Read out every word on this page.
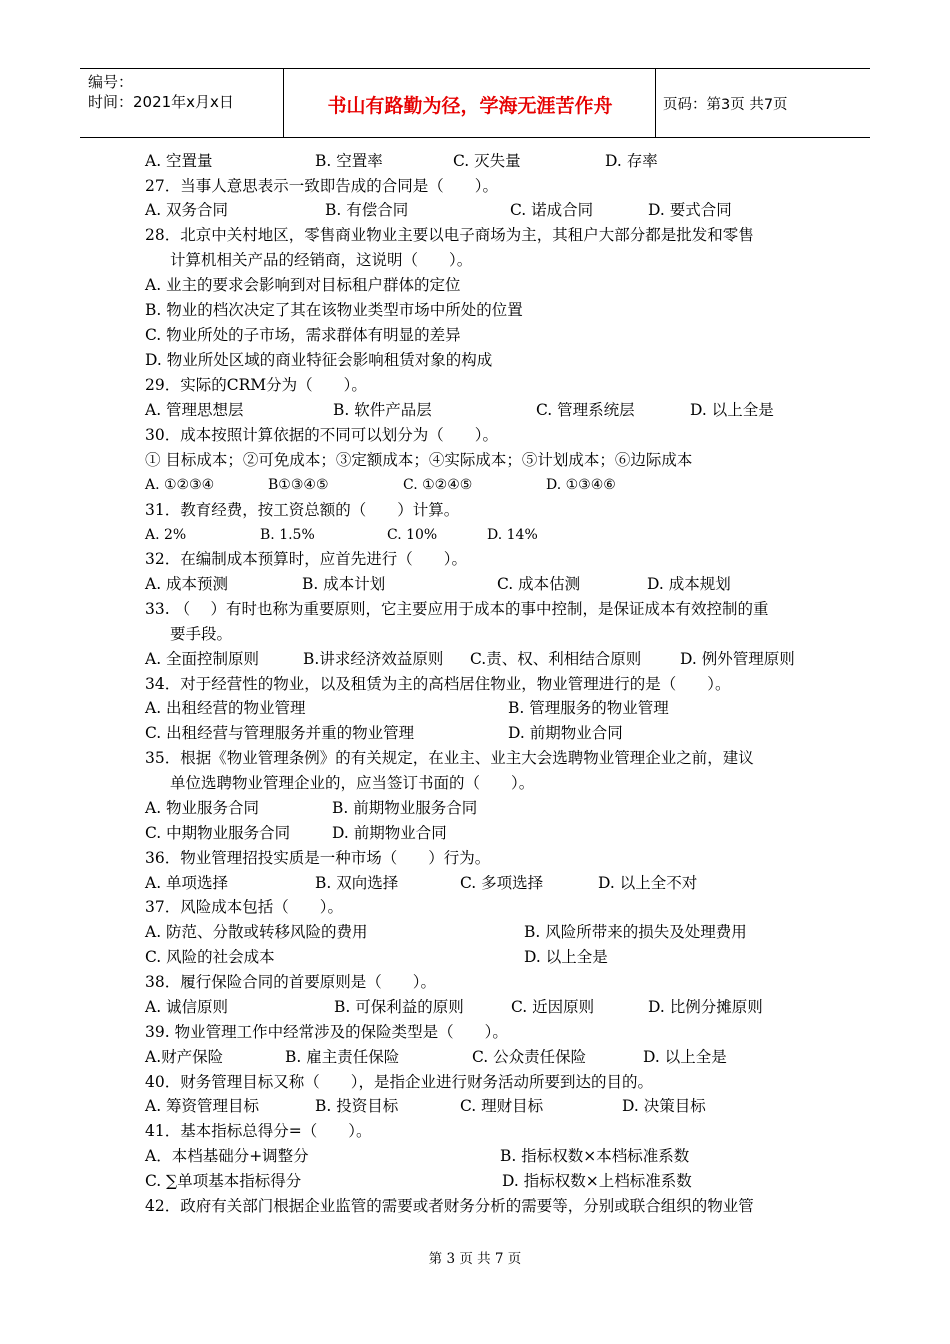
编号：
时间：2021年x月x日	书山有路勤为径，学海无涯苦作舟	页码：第3页 共7页
A. 空置量	B. 空置率	C. 灭失量	D. 存率
27．当事人意思表示一致即告成的合同是（　　）。
A. 双务合同	B. 有偿合同	C. 诺成合同	D. 要式合同
28．北京中关村地区，零售商业物业主要以电子商场为主，其租户大部分都是批发和零售
计算机相关产品的经销商，这说明（　　）。
A. 业主的要求会影响到对目标租户群体的定位
B. 物业的档次决定了其在该物业类型市场中所处的位置
C. 物业所处的子市场，需求群体有明显的差异
D. 物业所处区域的商业特征会影响租赁对象的构成
29．实际的CRM分为（　　）。
A. 管理思想层	B. 软件产品层	C. 管理系统层	D. 以上全是
30．成本按照计算依据的不同可以划分为（　　）。
① 目标成本；②可免成本；③定额成本；④实际成本；⑤计划成本；⑥边际成本
A. ①②③④	B①③④⑤	C. ①②④⑤	D. ①③④⑥
31．教育经费，按工资总额的（　　）计算。
A. 2%	B. 1.5%	C. 10%	D. 14%
32．在编制成本预算时，应首先进行（　　）。
A. 成本预测	B. 成本计划	C. 成本估测	D. 成本规划
33. （　 ）有时也称为重要原则，它主要应用于成本的事中控制，是保证成本有效控制的重
要手段。
A. 全面控制原则	B.讲求经济效益原则 C.责、权、利相结合原则	D. 例外管理原则
34．对于经营性的物业，以及租赁为主的高档居住物业，物业管理进行的是（　　）。
A. 出租经营的物业管理	B. 管理服务的物业管理
C. 出租经营与管理服务并重的物业管理	D. 前期物业合同
35．根据《物业管理条例》的有关规定，在业主、业主大会选聘物业管理企业之前，建议
单位选聘物业管理企业的，应当签订书面的（　　）。
A. 物业服务合同	B. 前期物业服务合同
C. 中期物业服务合同	D. 前期物业合同
36．物业管理招投实质是一种市场（　　）行为。
A. 单项选择	B. 双向选择	C. 多项选择	D. 以上全不对
37．风险成本包括（　　）。
A. 防范、分散或转移风险的费用	B. 风险所带来的损失及处理费用
C. 风险的社会成本	D. 以上全是
38．履行保险合同的首要原则是（　　）。
A. 诚信原则	B. 可保利益的原则	C. 近因原则	D. 比例分摊原则
39. 物业管理工作中经常涉及的保险类型是（　　）。
A.财产保险	B. 雇主责任保险	C. 公众责任保险	D. 以上全是
40．财务管理目标又称（　　），是指企业进行财务活动所要到达的目的。
A. 筹资管理目标	B. 投资目标	C. 理财目标	D. 决策目标
41．基本指标总得分=（　　）。
A．本档基础分+调整分	B. 指标权数×本档标准系数
C. ∑单项基本指标得分	D. 指标权数×上档标准系数
42．政府有关部门根据企业监管的需要或者财务分析的需要等，分别或联合组织的物业管
第 3 页 共 7 页
